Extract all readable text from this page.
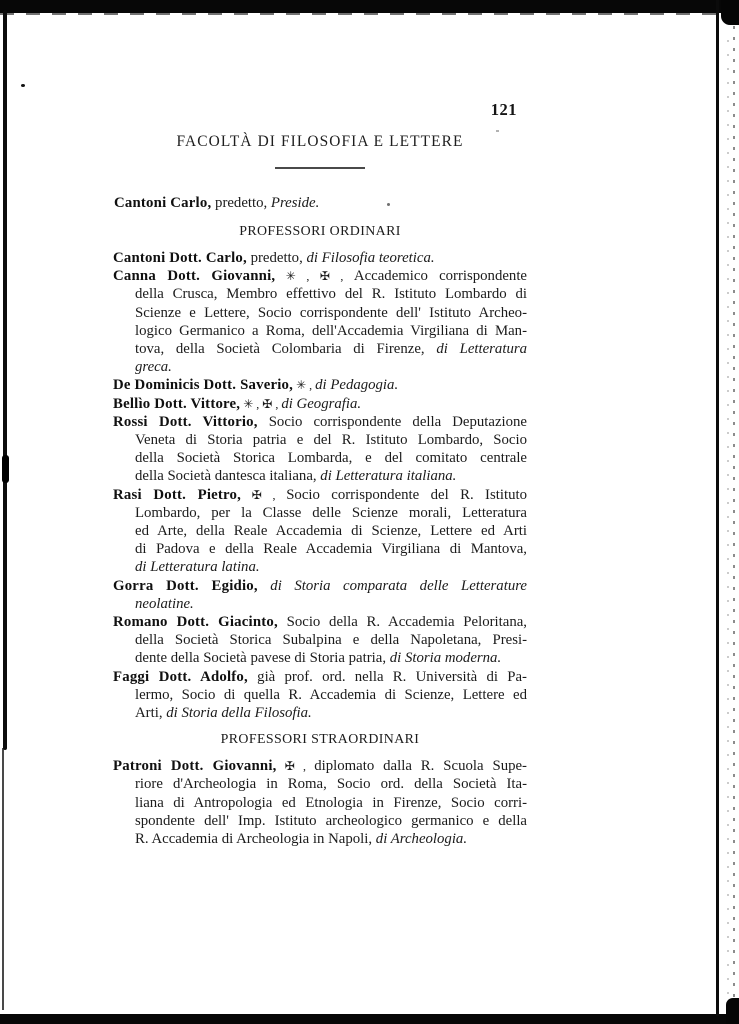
121
FACOLTÀ DI FILOSOFIA E LETTERE
Cantoni Carlo, predetto, Preside.
PROFESSORI ORDINARI
Cantoni Dott. Carlo, predetto, di Filosofia teoretica.
Canna Dott. Giovanni, ✳ , ✠ , Accademico corrispondente
della Crusca, Membro effettivo del R. Istituto Lombardo di
Scienze e Lettere, Socio corrispondente dell' Istituto Archeo-
logico Germanico a Roma, dell'Accademia Virgiliana di Man-
tova, della Società Colombaria di Firenze, di Letteratura
greca.
De Dominicis Dott. Saverio, ✳ , di Pedagogia.
Bellìo Dott. Vittore, ✳ , ✠ , di Geografia.
Rossi Dott. Vittorio, Socio corrispondente della Deputazione
Veneta di Storia patria e del R. Istituto Lombardo, Socio
della Società Storica Lombarda, e del comitato centrale
della Società dantesca italiana, di Letteratura italiana.
Rasi Dott. Pietro, ✠ , Socio corrispondente del R. Istituto
Lombardo, per la Classe delle Scienze morali, Letteratura
ed Arte, della Reale Accademia di Scienze, Lettere ed Arti
di Padova e della Reale Accademia Virgiliana di Mantova,
di Letteratura latina.
Gorra Dott. Egidio, di Storia comparata delle Letterature
neolatine.
Romano Dott. Giacinto, Socio della R. Accademia Peloritana,
della Società Storica Subalpina e della Napoletana, Presi-
dente della Società pavese di Storia patria, di Storia moderna.
Faggi Dott. Adolfo, già prof. ord. nella R. Università di Pa-
lermo, Socio di quella R. Accademia di Scienze, Lettere ed
Arti, di Storia della Filosofia.
PROFESSORI STRAORDINARI
Patroni Dott. Giovanni, ✠ , diplomato dalla R. Scuola Supe-
riore d'Archeologia in Roma, Socio ord. della Società Ita-
liana di Antropologia ed Etnologia in Firenze, Socio corri-
spondente dell' Imp. Istituto archeologico germanico e della
R. Accademia di Archeologia in Napoli, di Archeologia.
